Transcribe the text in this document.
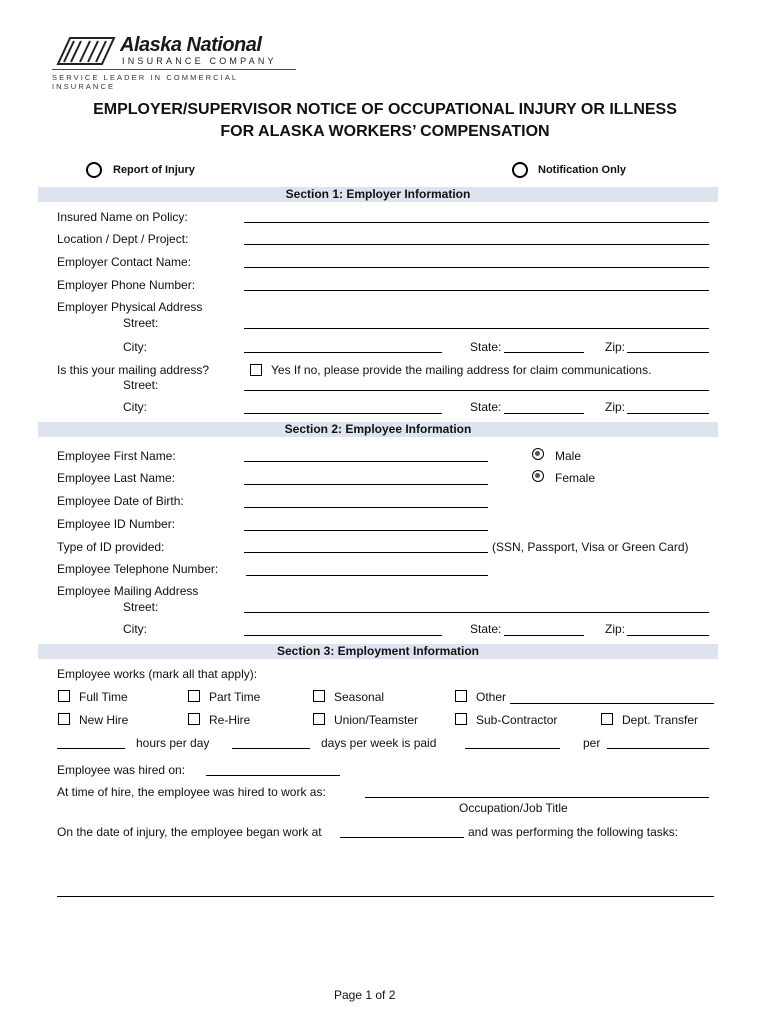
Alaska National
INSURANCE COMPANY
SERVICE LEADER IN COMMERCIAL INSURANCE
EMPLOYER/SUPERVISOR NOTICE OF OCCUPATIONAL INJURY OR ILLNESS
FOR ALASKA WORKERS’ COMPENSATION
Report of Injury	Notification Only
Section 1: Employer Information
Insured Name on Policy:
Location / Dept / Project:
Employer Contact Name:
Employer Phone Number:
Employer Physical Address
Street:
City:	State:	Zip:
Is this your mailing address?	Yes If no, please provide the mailing address for claim communications.
Street:
City:	State:	Zip:
Section 2: Employee Information
Employee First Name:	Male
Employee Last Name:	Female
Employee Date of Birth:
Employee ID Number:
Type of ID provided:	(SSN, Passport, Visa or Green Card)
Employee Telephone Number:
Employee Mailing Address
Street:
City:	State:	Zip:
Section 3: Employment Information
Employee works (mark all that apply):
Full Time	Part Time	Seasonal	Other
New Hire	Re-Hire	Union/Teamster	Sub-Contractor	Dept. Transfer
hours per day	days per week is paid	per
Employee was hired on:
At time of hire, the employee was hired to work as:
Occupation/Job Title
On the date of injury, the employee began work at	and was performing the following tasks:
Page 1 of 2
